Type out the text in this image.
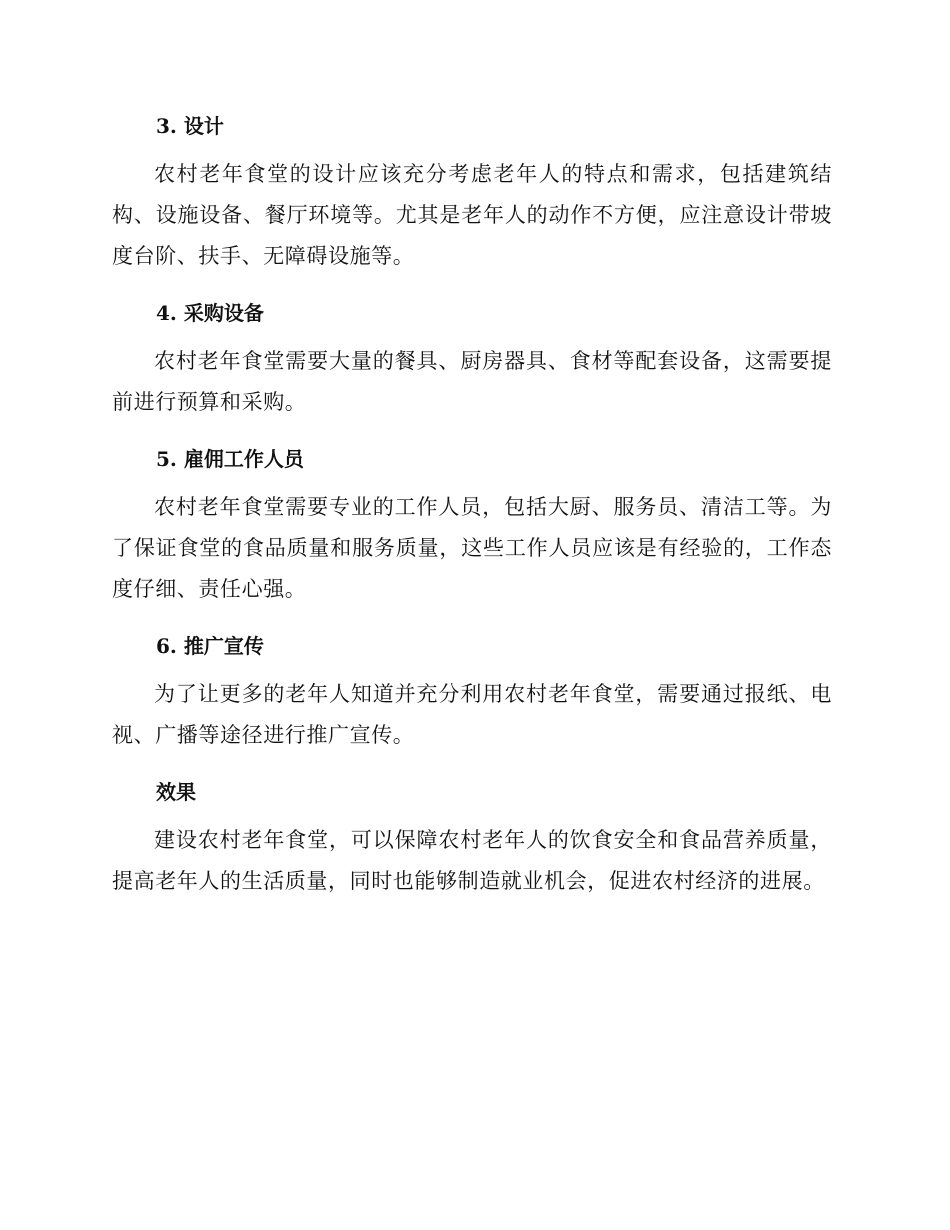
3. 设计

农村老年食堂的设计应该充分考虑老年人的特点和需求，包括建筑结构、设施设备、餐厅环境等。尤其是老年人的动作不方便，应注意设计带坡度台阶、扶手、无障碍设施等。

4. 采购设备

农村老年食堂需要大量的餐具、厨房器具、食材等配套设备，这需要提前进行预算和采购。

5. 雇佣工作人员

农村老年食堂需要专业的工作人员，包括大厨、服务员、清洁工等。为了保证食堂的食品质量和服务质量，这些工作人员应该是有经验的，工作态度仔细、责任心强。

6. 推广宣传

为了让更多的老年人知道并充分利用农村老年食堂，需要通过报纸、电视、广播等途径进行推广宣传。

效果

建设农村老年食堂，可以保障农村老年人的饮食安全和食品营养质量，提高老年人的生活质量，同时也能够制造就业机会，促进农村经济的进展。
